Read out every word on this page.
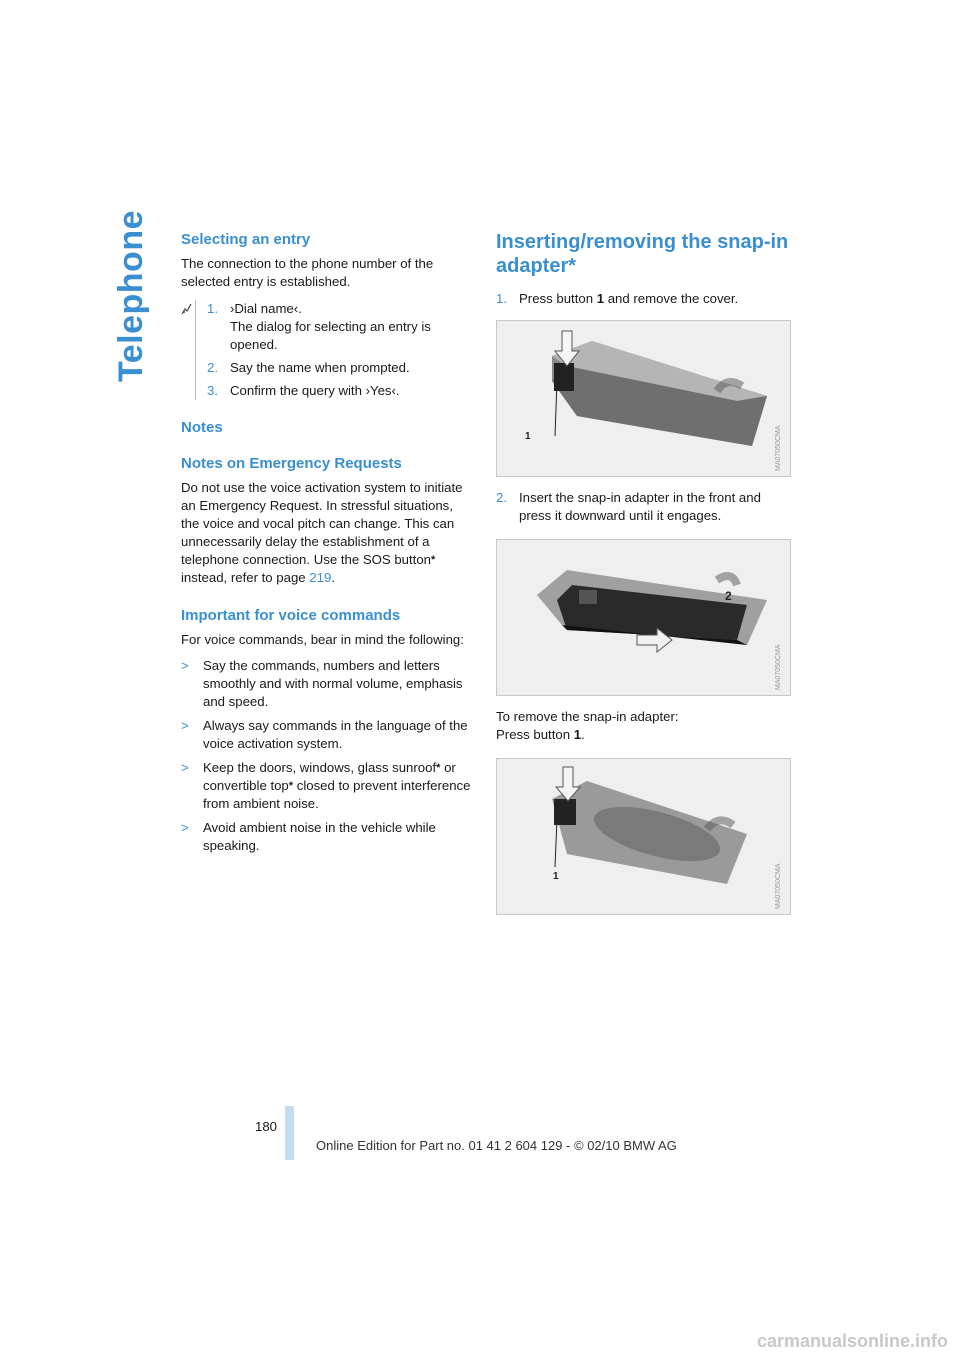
Telephone Selecting an entry

The connection to the phone number of the selected entry is established.

1. ›Dial name‹.
The dialog for selecting an entry is opened.
2. Say the name when prompted.
3. Confirm the query with ›Yes‹.
Notes
Notes on Emergency Requests

Do not use the voice activation system to initiate an Emergency Request. In stressful situations, the voice and vocal pitch can change. This can unnecessarily delay the establishment of a telephone connection. Use the SOS button* instead, refer to page 219.

Important for voice commands

For voice commands, bear in mind the following:

>	Say the commands, numbers and letters smoothly and with normal volume, emphasis and speed.
>	Always say commands in the language of the voice activation system.
>	Keep the doors, windows, glass sunroof* or convertible top* closed to prevent interference from ambient noise.
>	Avoid ambient noise in the vehicle while speaking.
Inserting/removing the snap-in adapter*
1. Press button 1 and remove the cover.
1	MA07050CMA
2. Insert the snap-in adapter in the front and press it downward until it engages.
2
MA07050CMA

To remove the snap-in adapter:

Press button 1.

1	MA07050CMA
180
Online Edition for Part no. 01 41 2 604 129 - © 02/10 BMW AG
carmanualsonline.info
